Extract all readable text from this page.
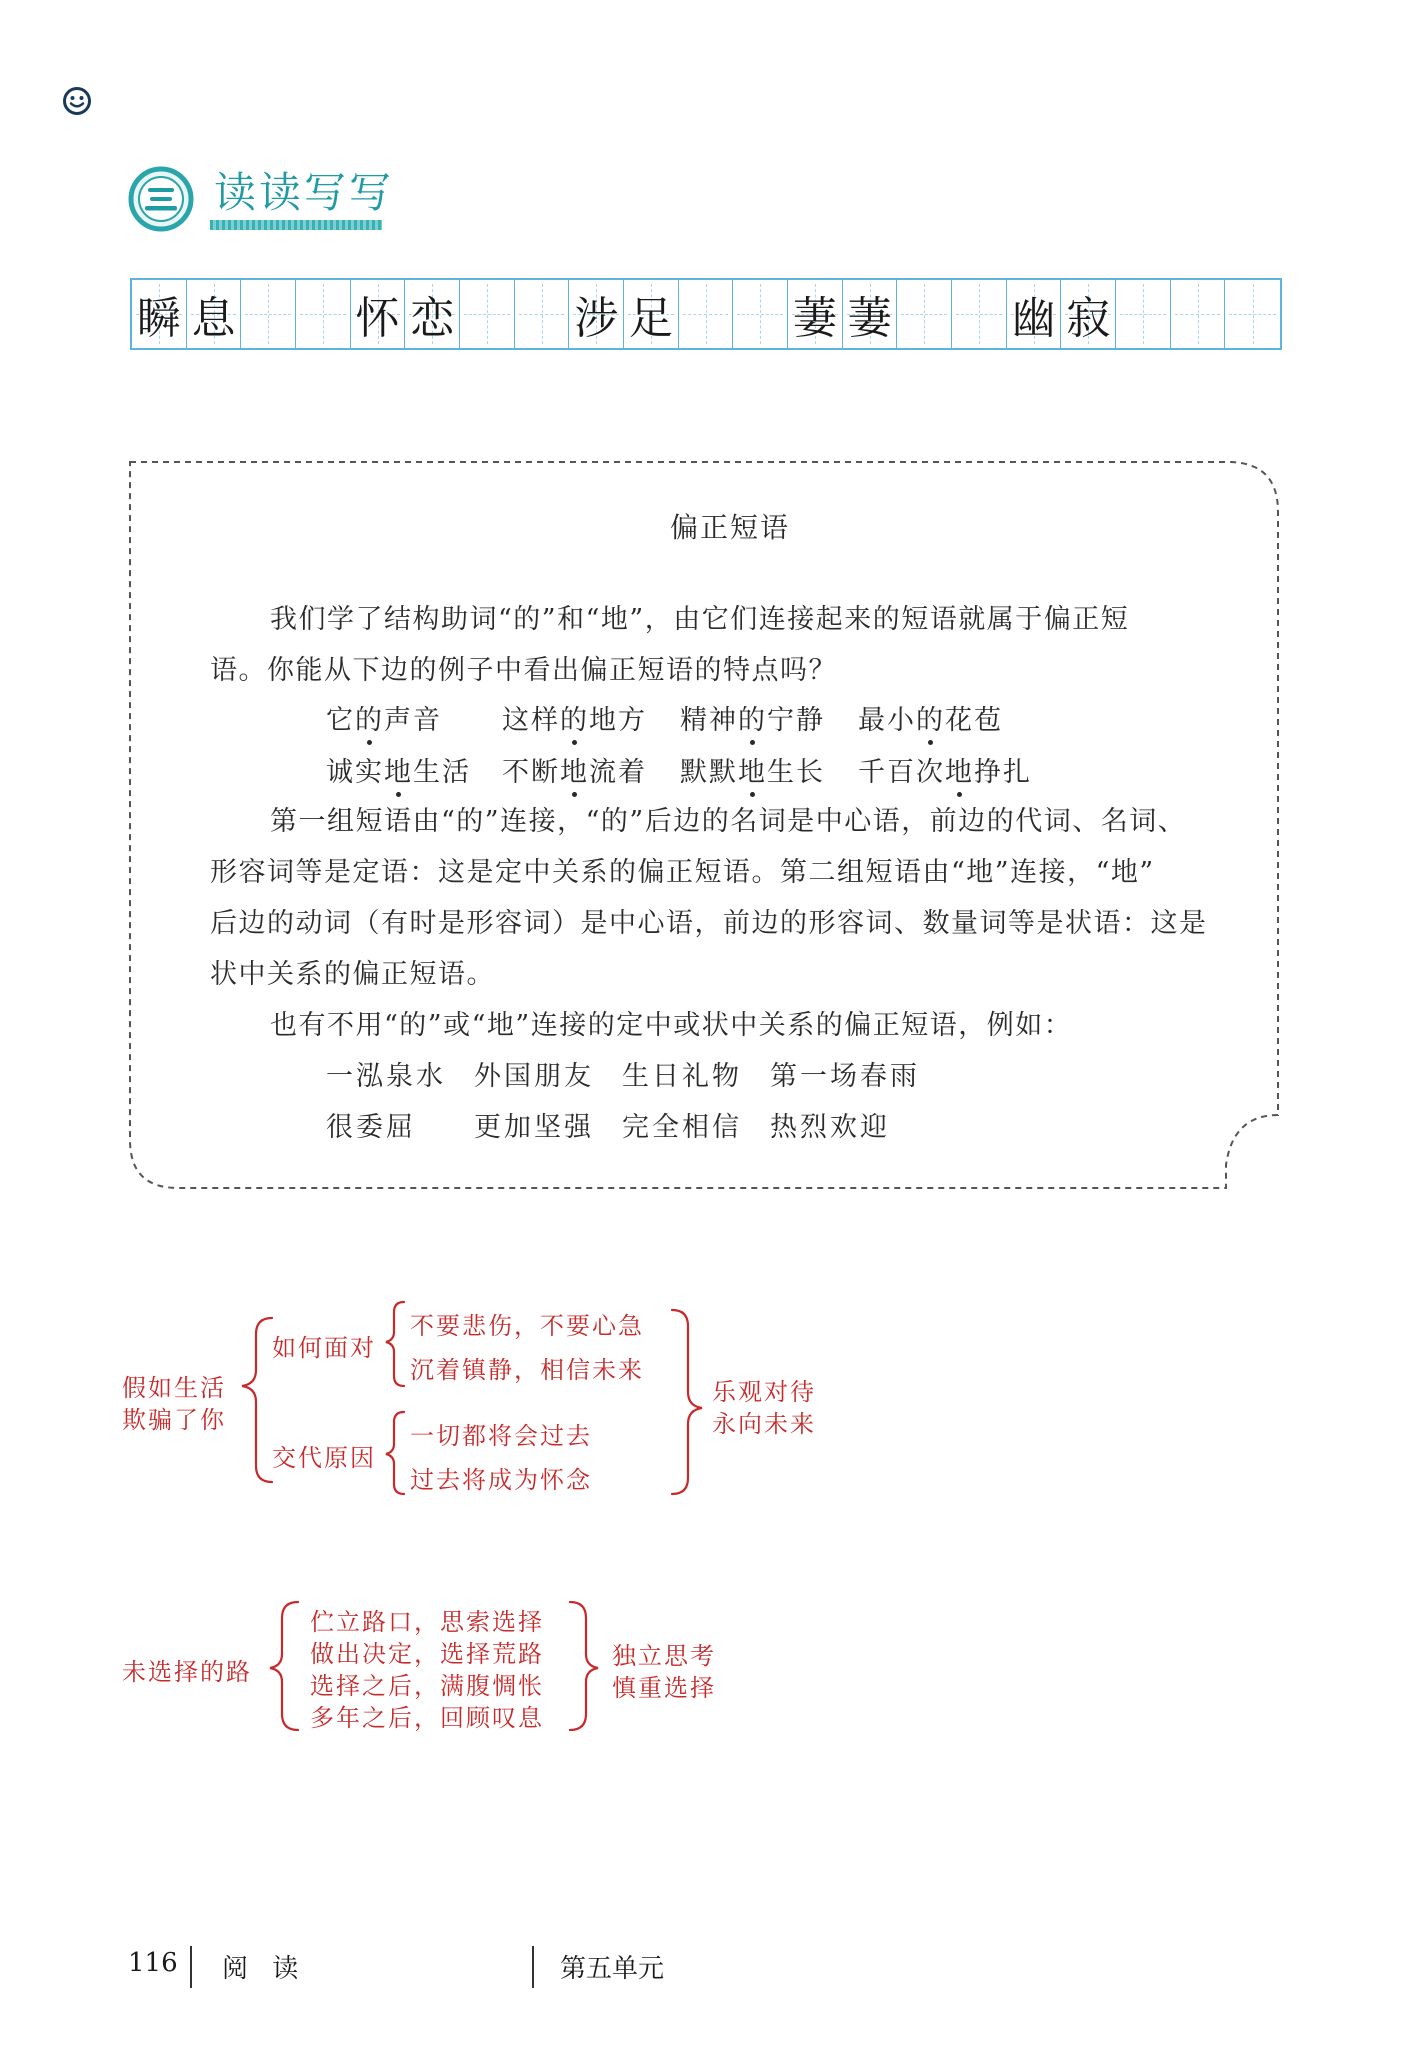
读读写写
瞬 息	怀 恋	涉 足	萋 萋	幽 寂
偏正短语
我们学了结构助词“的”和“地”，由它们连接起来的短语就属于偏正短
语。你能从下边的例子中看出偏正短语的特点吗？
它的声音 这样的地方 精神的宁静 最小的花苞
诚实地生活 不断地流着 默默地生长 千百次地挣扎
第一组短语由“的”连接，“的”后边的名词是中心语，前边的代词、名词、
形容词等是定语：这是定中关系的偏正短语。第二组短语由“地”连接，“地”
后边的动词（有时是形容词）是中心语，前边的形容词、数量词等是状语：这是
状中关系的偏正短语。
也有不用“的”或“地”连接的定中或状中关系的偏正短语，例如：
一泓泉水 外国朋友 生日礼物 第一场春雨
很委屈 更加坚强 完全相信 热烈欢迎
假如生活
欺骗了你
如何面对
不要悲伤，不要心急
沉着镇静，相信未来
交代原因
一切都将会过去
过去将成为怀念
乐观对待
永向未来
未选择的路
伫立路口，思索选择
做出决定，选择荒路
选择之后，满腹惆怅
多年之后，回顾叹息
独立思考
慎重选择
116 阅 读	第五单元
